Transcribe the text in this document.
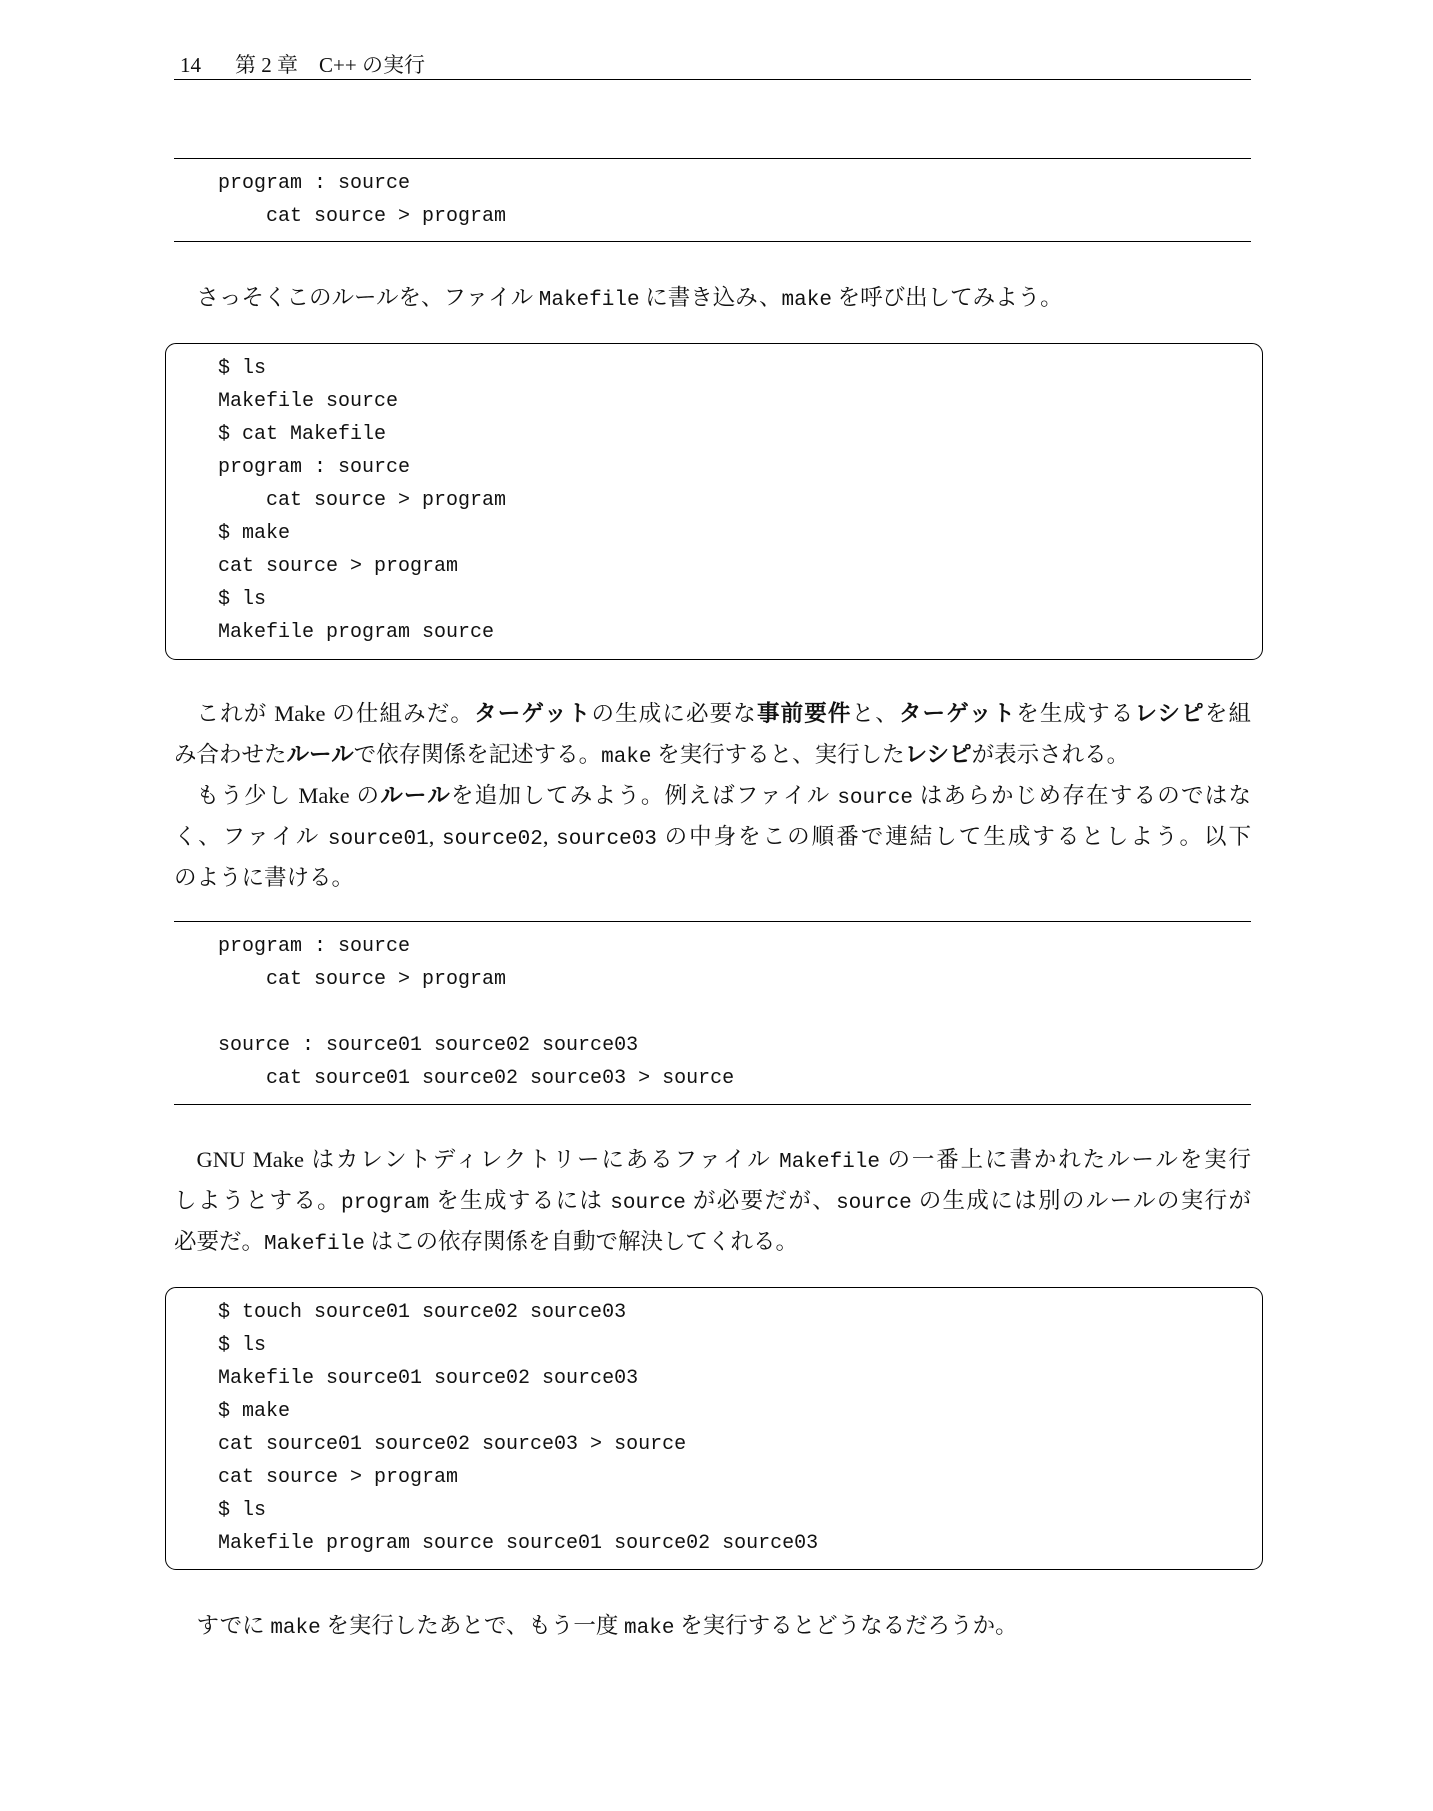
14 第 2 章　C++ の実行
program : source
cat source > program
さっそくこのルールを、ファイル Makefile に書き込み、make を呼び出してみよう。
$ ls
Makefile source
$ cat Makefile
program : source
cat source > program
$ make
cat source > program
$ ls
Makefile program source
これが Make の仕組みだ。ターゲットの生成に必要な事前要件と、ターゲットを生成するレシピを組
み合わせたルールで依存関係を記述する。make を実行すると、実行したレシピが表示される。
もう少し Make のルールを追加してみよう。例えばファイル source はあらかじめ存在するのではな
く、ファイル source01, source02, source03 の中身をこの順番で連結して生成するとしよう。以下
のように書ける。
program : source
cat source > program
source : source01 source02 source03
cat source01 source02 source03 > source
GNU Make はカレントディレクトリーにあるファイル Makefile の一番上に書かれたルールを実行
しようとする。program を生成するには source が必要だが、source の生成には別のルールの実行が
必要だ。Makefile はこの依存関係を自動で解決してくれる。
$ touch source01 source02 source03
$ ls
Makefile source01 source02 source03
$ make
cat source01 source02 source03 > source
cat source > program
$ ls
Makefile program source source01 source02 source03
すでに make を実行したあとで、もう一度 make を実行するとどうなるだろうか。
